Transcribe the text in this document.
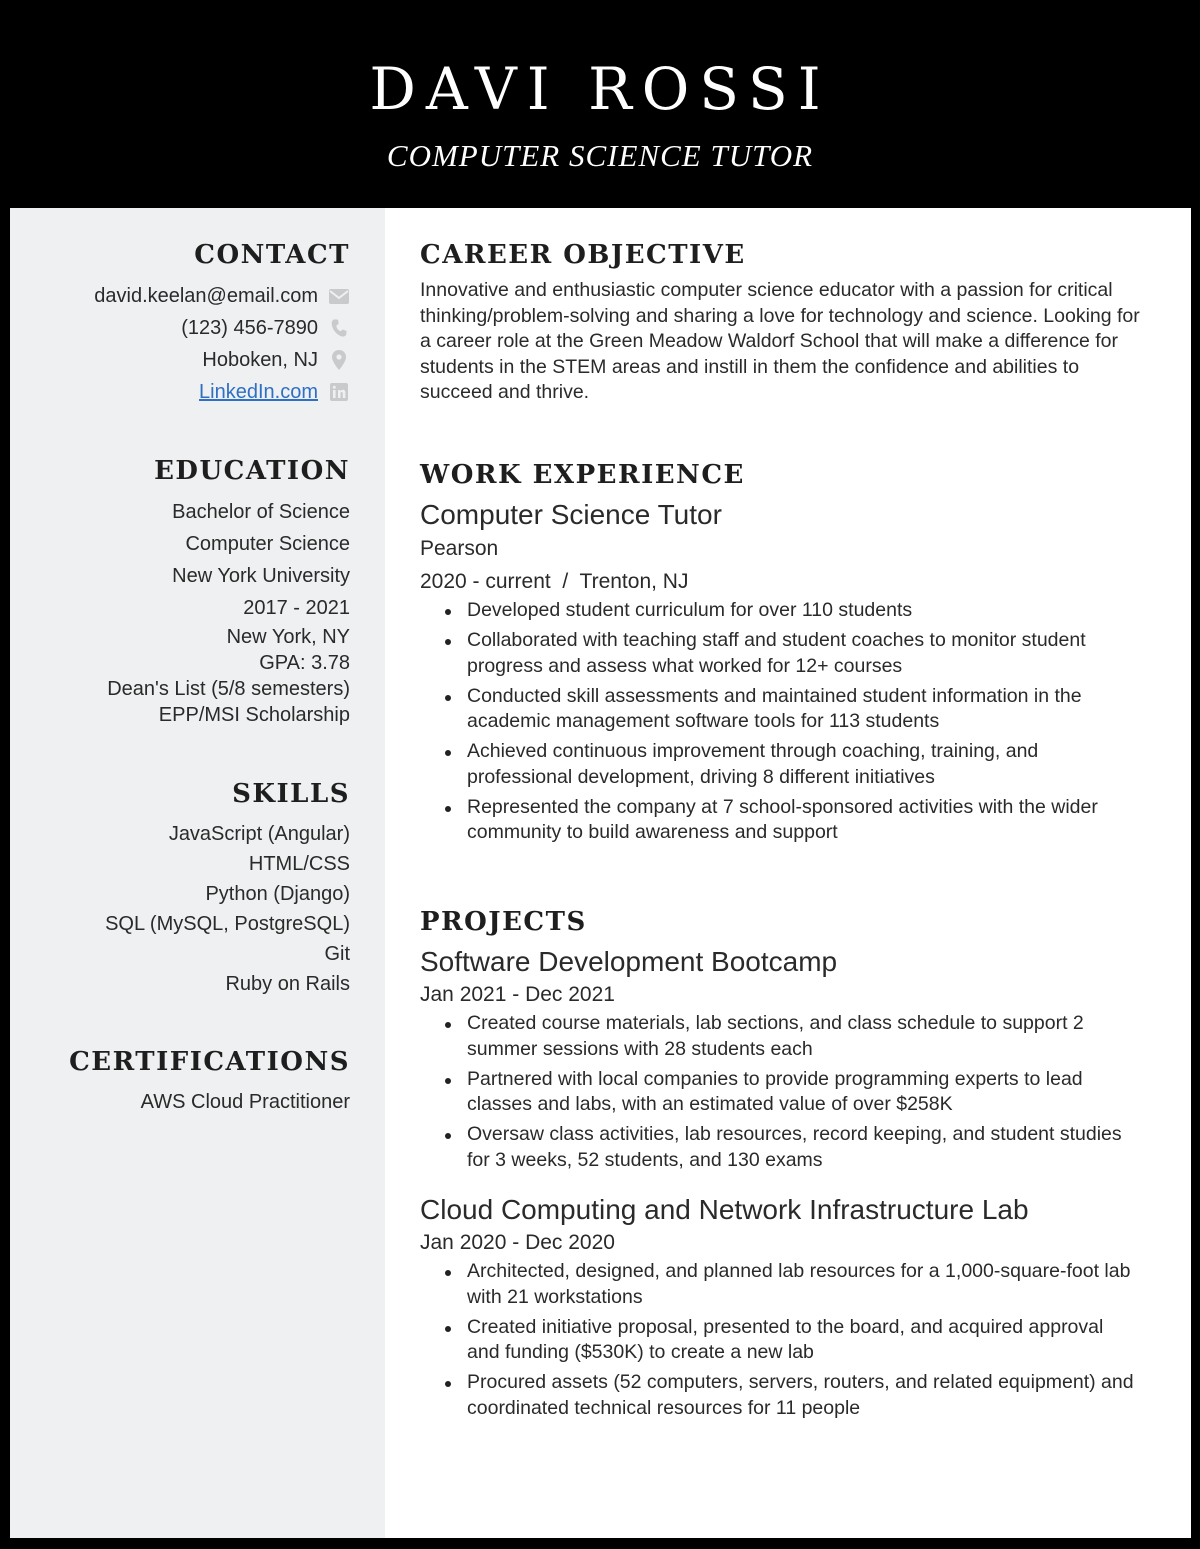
DAVI ROSSI
COMPUTER SCIENCE TUTOR
CONTACT
david.keelan@email.com
(123) 456-7890
Hoboken, NJ
LinkedIn.com
EDUCATION
Bachelor of Science
Computer Science
New York University
2017 - 2021
New York, NY
GPA: 3.78
Dean's List (5/8 semesters)
EPP/MSI Scholarship
SKILLS
JavaScript (Angular)
HTML/CSS
Python (Django)
SQL (MySQL, PostgreSQL)
Git
Ruby on Rails
CERTIFICATIONS
AWS Cloud Practitioner
CAREER OBJECTIVE
Innovative and enthusiastic computer science educator with a passion for critical thinking/problem-solving and sharing a love for technology and science. Looking for a career role at the Green Meadow Waldorf School that will make a difference for students in the STEM areas and instill in them the confidence and abilities to succeed and thrive.
WORK EXPERIENCE
Computer Science Tutor
Pearson
2020 - current  /  Trenton, NJ
Developed student curriculum for over 110 students
Collaborated with teaching staff and student coaches to monitor student progress and assess what worked for 12+ courses
Conducted skill assessments and maintained student information in the academic management software tools for 113 students
Achieved continuous improvement through coaching, training, and professional development, driving 8 different initiatives
Represented the company at 7 school-sponsored activities with the wider community to build awareness and support
PROJECTS
Software Development Bootcamp
Jan 2021 - Dec 2021
Created course materials, lab sections, and class schedule to support 2 summer sessions with 28 students each
Partnered with local companies to provide programming experts to lead classes and labs, with an estimated value of over $258K
Oversaw class activities, lab resources, record keeping, and student studies for 3 weeks, 52 students, and 130 exams
Cloud Computing and Network Infrastructure Lab
Jan 2020 - Dec 2020
Architected, designed, and planned lab resources for a 1,000-square-foot lab with 21 workstations
Created initiative proposal, presented to the board, and acquired approval and funding ($530K) to create a new lab
Procured assets (52 computers, servers, routers, and related equipment) and coordinated technical resources for 11 people
